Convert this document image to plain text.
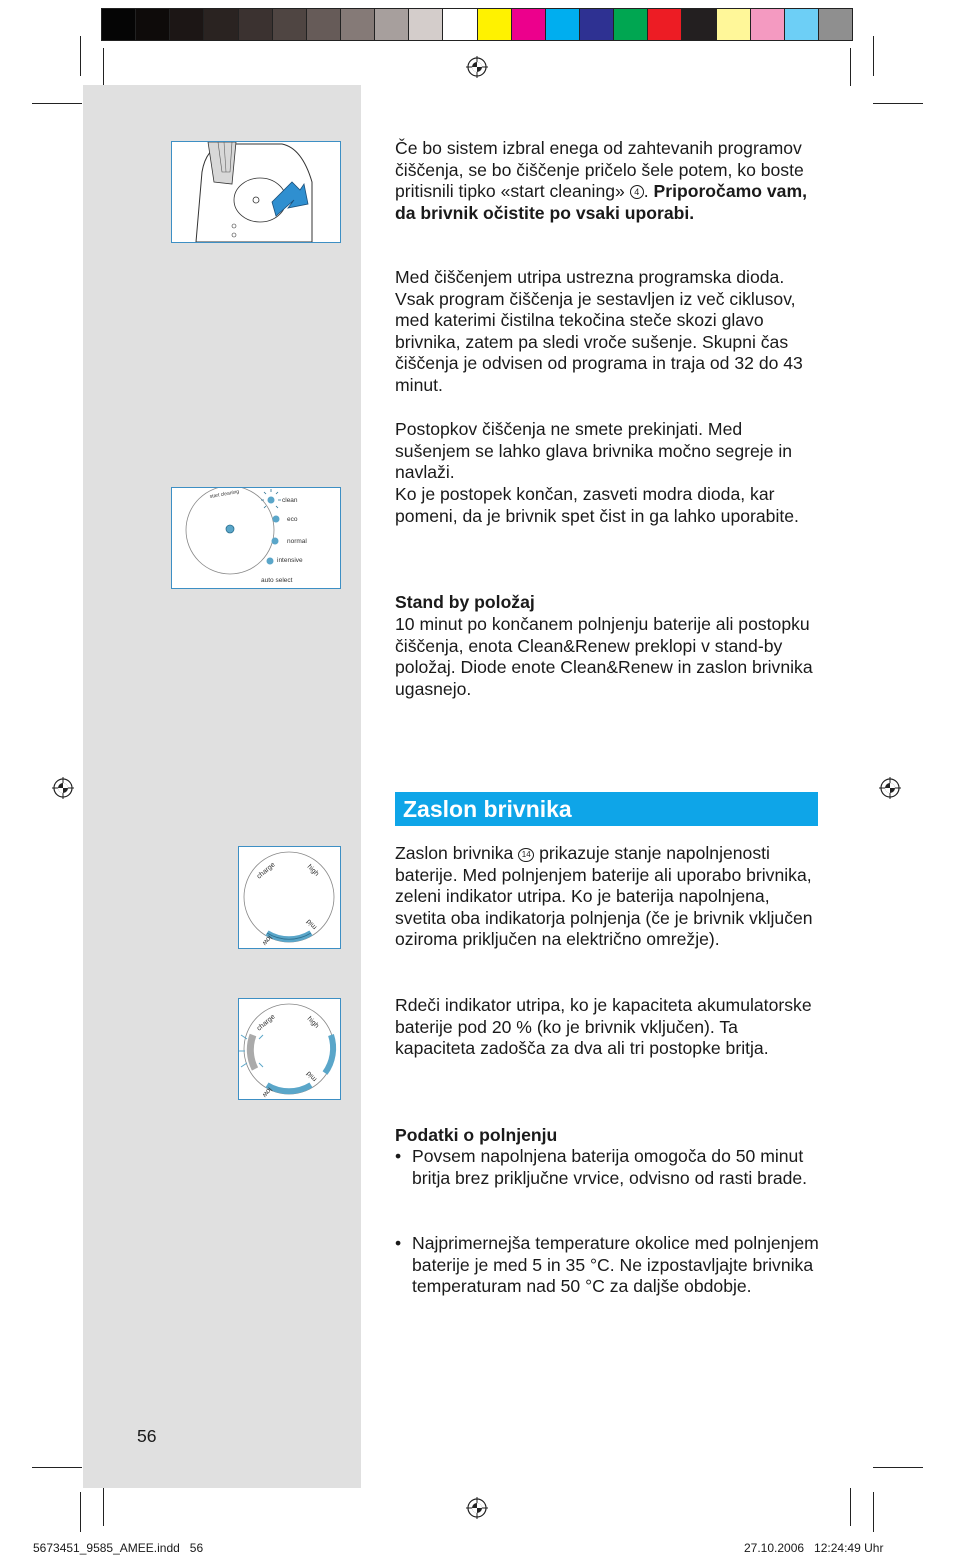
start cleaning
clean
eco
normal
intensive
auto select
charge	high
mid
low
charge	high
mid
low

Če bo sistem izbral enega od zahtevanih programov čiščenja, se bo čiščenje pričelo šele potem, ko boste pritisnili tipko «start cleaning» 4 . Priporočamo vam, da brivnik očistite po vsaki uporabi.

Med čiščenjem utripa ustrezna programska dioda. Vsak program čiščenja je sestavljen iz več ciklusov, med katerimi čistilna tekočina steče skozi glavo brivnika, zatem pa sledi vroče sušenje. Skupni čas čiščenja je odvisen od programa in traja od 32 do 43 minut.

Postopkov čiščenja ne smete prekinjati. Med sušenjem se lahko glava brivnika močno segreje in navlaži.

Ko je postopek končan, zasveti modra dioda, kar pomeni, da je brivnik spet čist in ga lahko uporabite.

Stand by položaj

10 minut po končanem polnjenju baterije ali postopku čiščenja, enota Clean&Renew preklopi v stand-by položaj. Diode enote Clean&Renew in zaslon brivnika ugasnejo.

Zaslon brivnika

Zaslon brivnika 14 prikazuje stanje napolnjenosti baterije. Med polnjenjem baterije ali uporabo brivnika, zeleni indikator utripa. Ko je baterija napolnjena, svetita oba indikatorja polnjenja (če je brivnik vključen oziroma priključen na električno omrežje).

Rdeči indikator utripa, ko je kapaciteta akumulatorske baterije pod 20 % (ko je brivnik vključen). Ta kapaciteta zadošča za dva ali tri postopke britja.

Podatki o polnjenju

• Povsem napolnjena baterija omogoča do 50 minut britja brez priključne vrvice, odvisno od rasti brade.
• Najprimernejša temperature okolice med polnjenjem baterije je med 5 in 35 °C. Ne izpostavljajte brivnika temperaturam nad 50 °C za daljše obdobje.
56
5673451_9585_AMEE.indd   56	27.10.2006   12:24:49 Uhr
